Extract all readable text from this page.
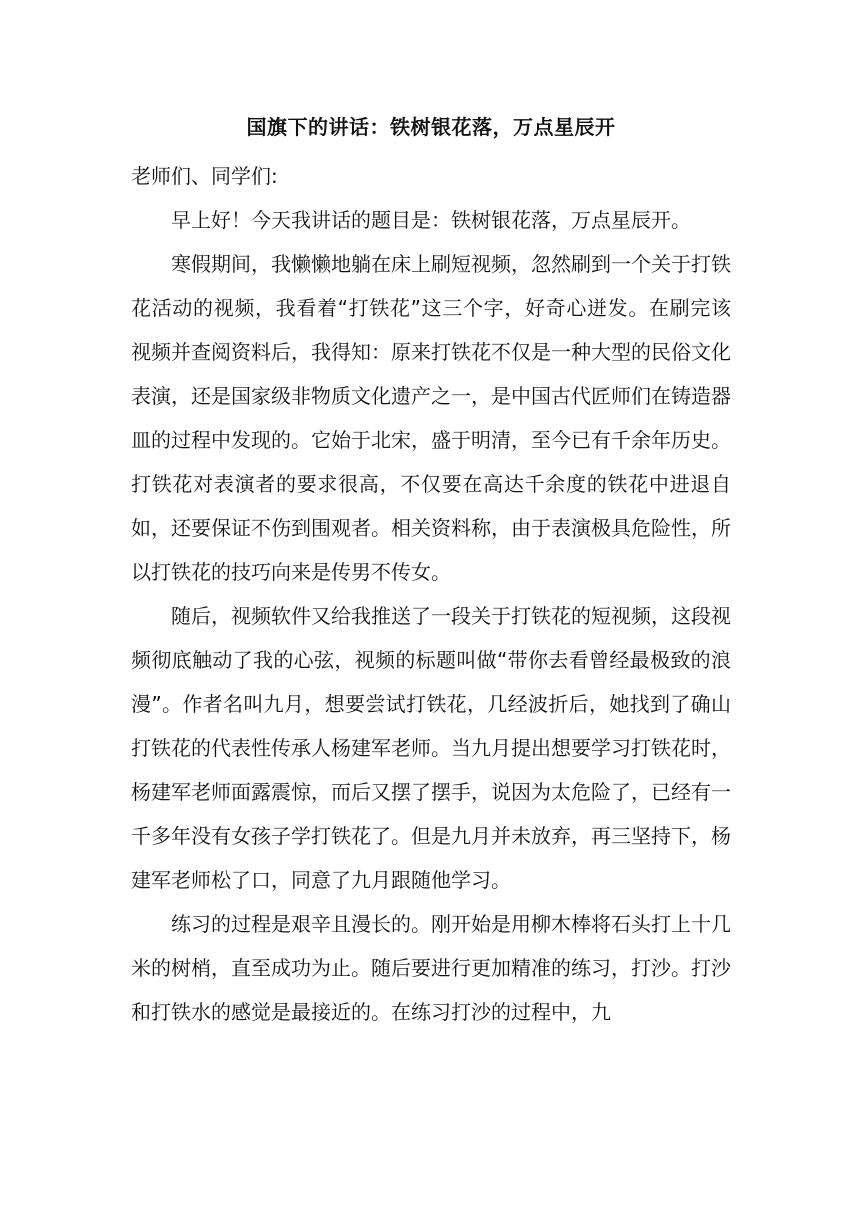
国旗下的讲话：铁树银花落，万点星辰开

老师们、同学们:

早上好！今天我讲话的题目是：铁树银花落，万点星辰开。

寒假期间，我懒懒地躺在床上刷短视频，忽然刷到一个关于打铁花活动的视频，我看着“打铁花”这三个字，好奇心迸发。在刷完该视频并查阅资料后，我得知：原来打铁花不仅是一种大型的民俗文化表演，还是国家级非物质文化遗产之一，是中国古代匠师们在铸造器皿的过程中发现的。它始于北宋，盛于明清，至今已有千余年历史。打铁花对表演者的要求很高，不仅要在高达千余度的铁花中进退自如，还要保证不伤到围观者。相关资料称，由于表演极具危险性，所以打铁花的技巧向来是传男不传女。

随后，视频软件又给我推送了一段关于打铁花的短视频，这段视频彻底触动了我的心弦，视频的标题叫做“带你去看曾经最极致的浪漫”。作者名叫九月，想要尝试打铁花，几经波折后，她找到了确山打铁花的代表性传承人杨建军老师。当九月提出想要学习打铁花时，杨建军老师面露震惊，而后又摆了摆手，说因为太危险了，已经有一千多年没有女孩子学打铁花了。但是九月并未放弃，再三坚持下，杨建军老师松了口，同意了九月跟随他学习。

练习的过程是艰辛且漫长的。刚开始是用柳木棒将石头打上十几米的树梢，直至成功为止。随后要进行更加精准的练习，打沙。打沙和打铁水的感觉是最接近的。在练习打沙的过程中，九
